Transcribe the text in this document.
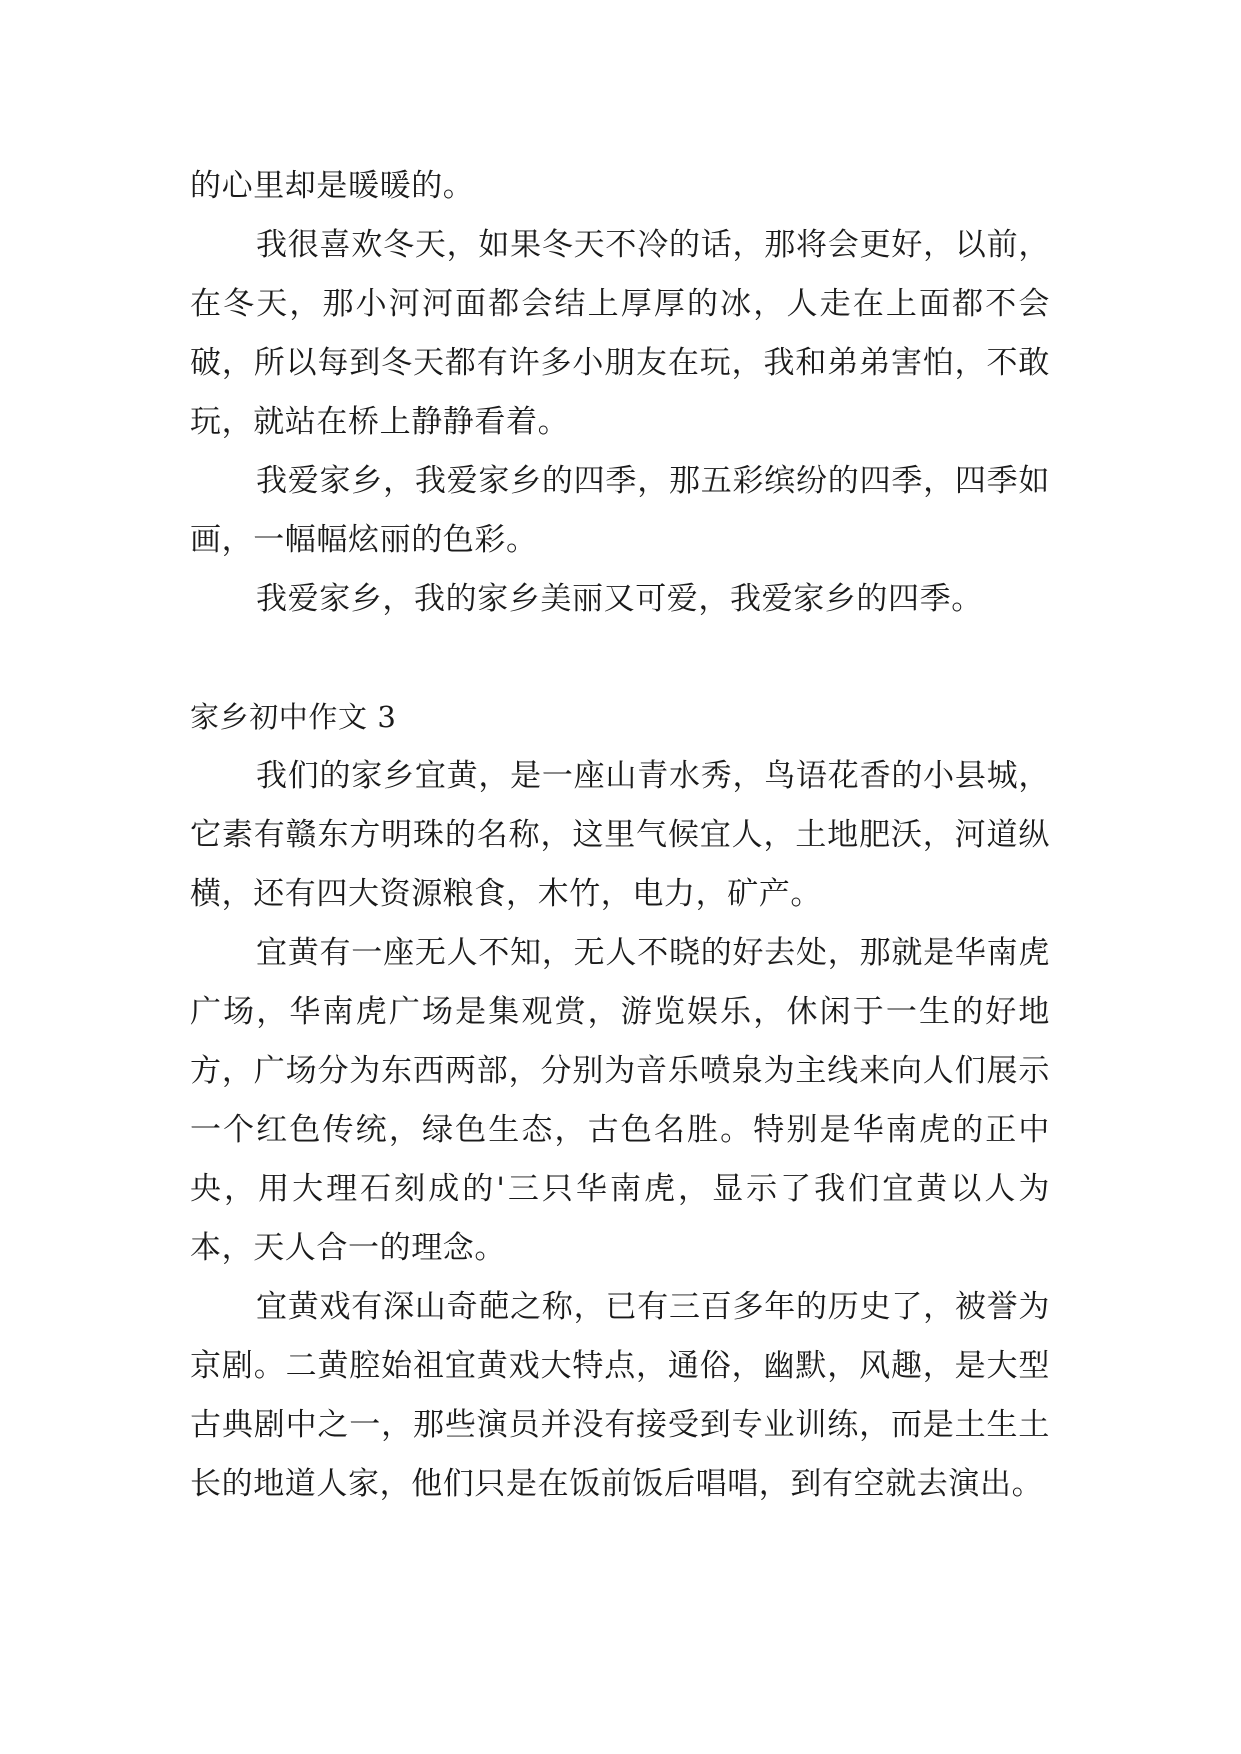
的心里却是暖暖的。

我很喜欢冬天，如果冬天不冷的话，那将会更好，以前，在冬天，那小河河面都会结上厚厚的冰，人走在上面都不会破，所以每到冬天都有许多小朋友在玩，我和弟弟害怕，不敢玩，就站在桥上静静看着。

我爱家乡，我爱家乡的四季，那五彩缤纷的四季，四季如画，一幅幅炫丽的色彩。

我爱家乡，我的家乡美丽又可爱，我爱家乡的四季。

家乡初中作文 3

我们的家乡宜黄，是一座山青水秀，鸟语花香的小县城，它素有赣东方明珠的名称，这里气候宜人，土地肥沃，河道纵横，还有四大资源粮食，木竹，电力，矿产。

宜黄有一座无人不知，无人不晓的好去处，那就是华南虎广场，华南虎广场是集观赏，游览娱乐，休闲于一生的好地方，广场分为东西两部，分别为音乐喷泉为主线来向人们展示一个红色传统，绿色生态，古色名胜。特别是华南虎的正中央，用大理石刻成的'三只华南虎，显示了我们宜黄以人为本，天人合一的理念。

宜黄戏有深山奇葩之称，已有三百多年的历史了，被誉为京剧。二黄腔始祖宜黄戏大特点，通俗，幽默，风趣，是大型古典剧中之一，那些演员并没有接受到专业训练，而是土生土长的地道人家，他们只是在饭前饭后唱唱，到有空就去演出。
